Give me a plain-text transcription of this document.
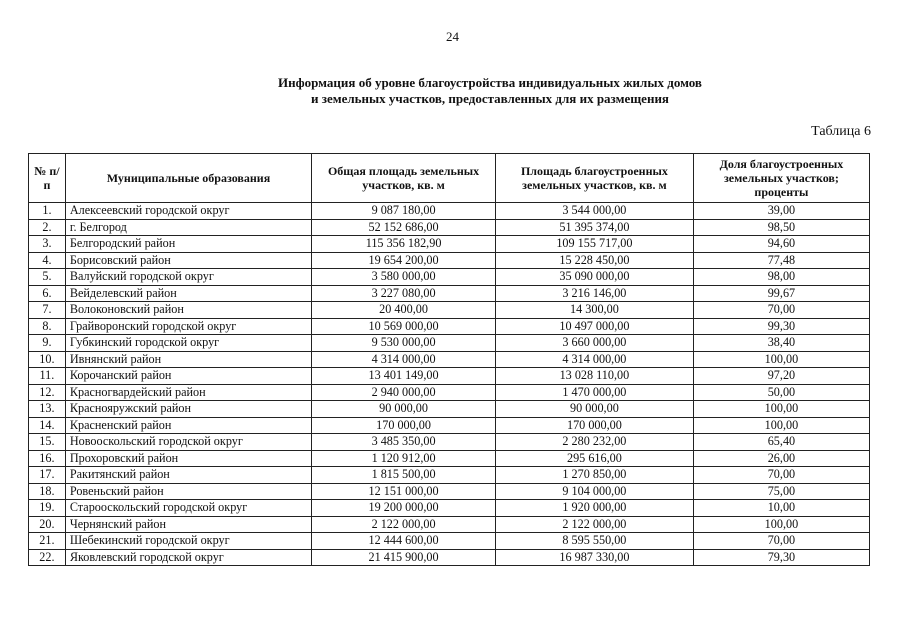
24
Информация об уровне благоустройства индивидуальных жилых домов
и земельных участков, предоставленных для их размещения
Таблица 6
№ п/п	Муниципальные образования	Общая площадь земельных участков, кв. м	Площадь благоустроенных земельных участков, кв. м	Доля благоустроенных земельных участков; проценты
1.	Алексеевский городской округ	9 087 180,00	3 544 000,00	39,00
2.	г. Белгород	52 152 686,00	51 395 374,00	98,50
3.	Белгородский район	115 356 182,90	109 155 717,00	94,60
4.	Борисовский район	19 654 200,00	15 228 450,00	77,48
5.	Валуйский городской округ	3 580 000,00	35 090 000,00	98,00
6.	Вейделевский район	3 227 080,00	3 216 146,00	99,67
7.	Волоконовский район	20 400,00	14 300,00	70,00
8.	Грайворонский городской округ	10 569 000,00	10 497 000,00	99,30
9.	Губкинский городской округ	9 530 000,00	3 660 000,00	38,40
10.	Ивнянский район	4 314 000,00	4 314 000,00	100,00
11.	Корочанский район	13 401 149,00	13 028 110,00	97,20
12.	Красногвардейский район	2 940 000,00	1 470 000,00	50,00
13.	Краснояружский район	90 000,00	90 000,00	100,00
14.	Красненский район	170 000,00	170 000,00	100,00
15.	Новооскольский городской округ	3 485 350,00	2 280 232,00	65,40
16.	Прохоровский район	1 120 912,00	295 616,00	26,00
17.	Ракитянский район	1 815 500,00	1 270 850,00	70,00
18.	Ровеньский район	12 151 000,00	9 104 000,00	75,00
19.	Старооскольский городской округ	19 200 000,00	1 920 000,00	10,00
20.	Чернянский район	2 122 000,00	2 122 000,00	100,00
21.	Шебекинский городской округ	12 444 600,00	8 595 550,00	70,00
22.	Яковлевский городской округ	21 415 900,00	16 987 330,00	79,30
